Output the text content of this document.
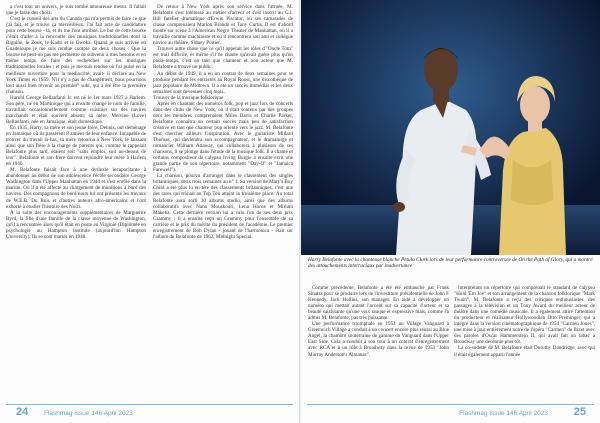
a c'est tout un univers, je suis tombé amoureuse mesur. Il fallait que je fasse des choix.

C'est le conseil des arts du Canada qui m'a permis de faire ce que j'ai fait, et je trouve ça merveilleux. J'ai fait acte de candidature pour cette bourse - là, et ils me l'ont attribué. Le but de cette bourse c'était d'aller à la rencontre des musiques traditionnelles dont la Biguine, le Zouk, le Kadri et le Gwoka. Quand je suis arrivée en Guadeloupe je me suis rendue compte de deux choses : Que la bourse ne peut-on pas me permettre de subvenir à mes besoins et en même temps de faire des recherches sur les musiques traditionnelles locales ; et puis je me suis rendue où l'ai puisé en la meilleure ouverture pour la médiocrité, avait- il déclaré au New York Times en 1959. N'il n'y a pas de changement, nous pourrions tout aussi bien revenir au premier" subi, qui a été être la première chanson.

Harold George Bellanfanti Jr. est né le 1er mars 1927 à Harlem. Son père, né en Martinique qui a ensuite changé le nom de famille, travaillait occasionnellement comme cuisinier sur des navires marchands et était souvent absent; sa mère, Melvine (Love) Bellanfanti, née en Jamaïque, était domestique.

En 1935, Harry, sa mère et son jeune frère, Dennis, ont déménagé en Jamaïque où ils passèrent 8 années de leur enfance. Incapable de trouver du travail là-bas, sa mère retourna à New York, le laissant ainsi que son frère à la charge de parents qui, comme le rappelait Belafonte plus tard, étaient soit "sans emploi, soit au-dessus de leur". Belafonte et son frère doivent rejoindre leur mère à Harlem en 1940.

M. Belafonte faisait face à une dyslexie incapacitante à abandonner au début de son adolescence l'école secondaire George Washington dans l'Upper Manhattan en 1944 et s'est enrôlé dans la marine. Où il a été affecté au chargement de munitions à bord des navires. Des compagnons de bord noirs lui ont présenté les travaux de W.E.B. Du Bois et d'autres auteurs afro-américains et l'ont exhorté à étudier l'histoire des Noirs.

À la suite des encouragements supplémentaires de Marguerite Byrd, la fille d'une famille de la classe moyenne de Washington, qu'il a rencontrée alors qu'il était en poste en Virginie (Diplômée en psychologie au Hampton Institute (aujourd'hui Hampton University). Ils se sont mariés en 1948.

De retour à New York après son service dans l'armée, M. Belafonte s'est intéressé au métier d'acteur et s'est inscrit au G.I. Bill l'atelier dramatique d'Erwin Piscator, où ses camarades de classe comprenaient Marlon Brando et Tony Curtis. Il est d'abord monté sur scène à l'American Negro Theater de Manhattan, où il a travaillé comme machiniste et où il rencontrera son ami et collègue novice au théâtre, Sidney Poitier.

Trouver autre chose que ce qu'il appelait les rôles d'"Oncle Tom" est trail difficile, et même s'il ne chante qu'avait guère plus qu'un passe-temps, c'est en tant que chanteur et non acteur que M. Belafonte a trouvé un public.

Au début de 1949, il a eu un contrat de deux semaines pour se produire pendant les entractes au Royal Roost, une discothèque de jazz populaire de Midtown. Il a été un succès immédiat et les deux semaines sont devenues cinq mois.

Trouver de la musique folklorique

Après en chantant des numéros folk, pop et jazz lors de concerts dans des clubs de New York, où il était soutenu par des groupes dont les membres comprenaient Miles Davis et Charlie Parker, Belafonte connaîtra un certain succès mais peu de satisfaction créative en tant que chanteur pop orienté vers le jazz. M. Belafonte s'est chercher ailleurs l'inspiration. Avec le guitariste Millard Thomas, qui deviendra son accompagnateur, et le dramaturge et romancier William Attaway, qui collaborera à plusieurs de ses chansons, il se plonge dans l'étude de la musique folk. Il a chanté et certains compositeur de calypso Irving Burgie a ensuite écrit une grande partie de son répertoire, notamment "Day-O" et "Jamaica Farewell").

La chanson, pourvu d'arranger dans le classement des singles britanniques, deux trois semaines au n° 1. Sa version de Mary's Boy Child a été plus lu en tête des classements britanniques, c'est une des rares qui trônait au Top Ten atteint la troisième place. Au total Belafonte aura sorti 30 albums studio, ainsi que des albums collaboratifs avec Nana Mouskouri, Lena Horne et Miriam Makeba. Cette dernière version lui a valu l'un de ses deux prix Grammy ; il a ensuite reçu un Grammy pour l'ensemble de sa carrière et le prix du mérite du président de l'académie. Le premier enregistrement de Bob Dylan - jouant de l'harmonica - était sur l'album de Belafonte de 1962, Midnight Special.

24 Flashmag issue 146 April 2023
Harry Belafonte avec la chanteuse blanche Petula Clark lors de leur performance controversée de On the Path of Glory, qui a montré des attouchements interraciaux par inadvertance

Comme précédente, Belafonte a été été embauché par Frank Sinatra pour se produire lors de l'investiture présidentielle de John F Kennedy. Jack Hollins, son manager. En aidé à développer un numéro qui mettait autant l'accent sur sa capacité d'acteur et sa beauté saisissante qu'une voix rauque et expressive mais, comme l'a admis M. Belafonte, pas très puissante.

Une performance triomphale en 1951 au Village Vanguard à Greenwich Village a conduit à un concert encore plus réussi au Blue Angel, la chambre souterraine de gamme du Vanguard dans l'Upper East Side. Cela a conduit à son tour à un contrat d'enregistrement avec RCA et à un rôle à Broadway dans la revue de 1953 "John Murray Anderson's Almanac".

Interprétant un répertoire qui comprenait le standard de calypso "Hold 'Em Joe" et son arrangement de la chanson folklorique "Mark Twain", M. Belafonte a reçu des critiques enthousiastes, des passages à la télévision et un Tony Award du meilleur acteur de théâtre dans une comédie musicale. Il a également attiré l'attention du producteur et réalisateur Hollywoodien Otto Preminger, qui a intégré dans la version cinématographique de 1954 "Carmen Jones", une mise à jour entièrement noire de l'opéra "Carmen" de Bizet avec des paroles d'Oscar Hammerstein II, qui avait fait un tabac à Broadway une décennie plus tôt.

La co-vedette de M. Belafonte était Dorothy Dandridge, avec qui il était également apparu l'année

Flashmag issue 146 April 2023 25
